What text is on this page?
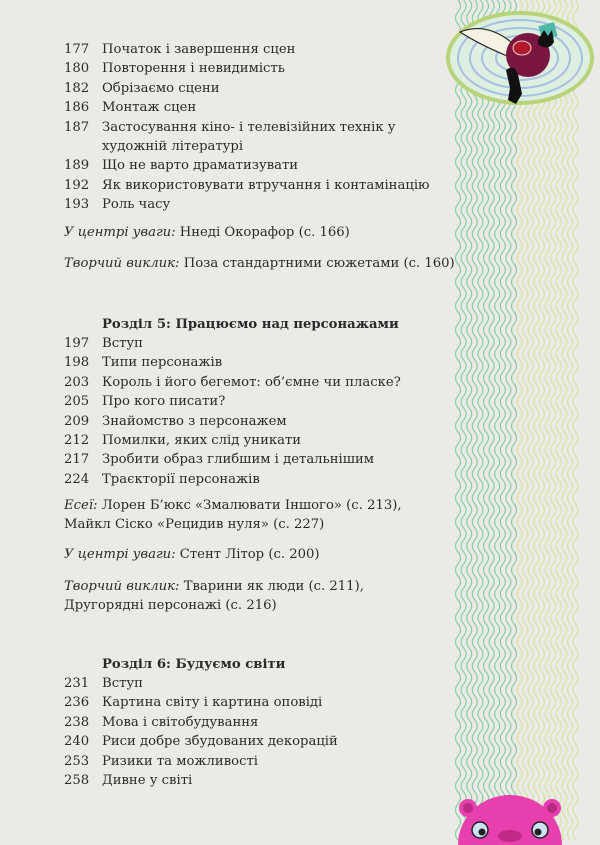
177 Початок і завершення сцен
180 Повторення і невидимість
182 Обрізаємо сцени
186 Монтаж сцен
187 Застосування кіно- і телевізійних технік у художній літературі
189 Що не варто драматизувати
192 Як використовувати втручання і контамінацію
193 Роль часу
У центрі уваги: Ннеді Окорафор (с. 166)
Творчий виклик: Поза стандартними сюжетами (с. 160)
Розділ 5: Працюємо над персонажами
197 Вступ
198 Типи персонажів
203 Король і його бегемот: об’ємне чи пласке?
205 Про кого писати?
209 Знайомство з персонажем
212 Помилки, яких слід уникати
217 Зробити образ глибшим і детальнішим
224 Траєкторії персонажів
Есеї: Лорен Б’юкс «Змалювати Іншого» (с. 213),
Майкл Сіско «Рецидив нуля» (с. 227)
У центрі уваги: Стент Літор (с. 200)
Творчий виклик: Тварини як люди (с. 211),
Другорядні персонажі (с. 216)
Розділ 6: Будуємо світи
231 Вступ
236 Картина світу і картина оповіді
238 Мова і світобудування
240 Риси добре збудованих декорацій
253 Ризики та можливості
258 Дивне у світі
